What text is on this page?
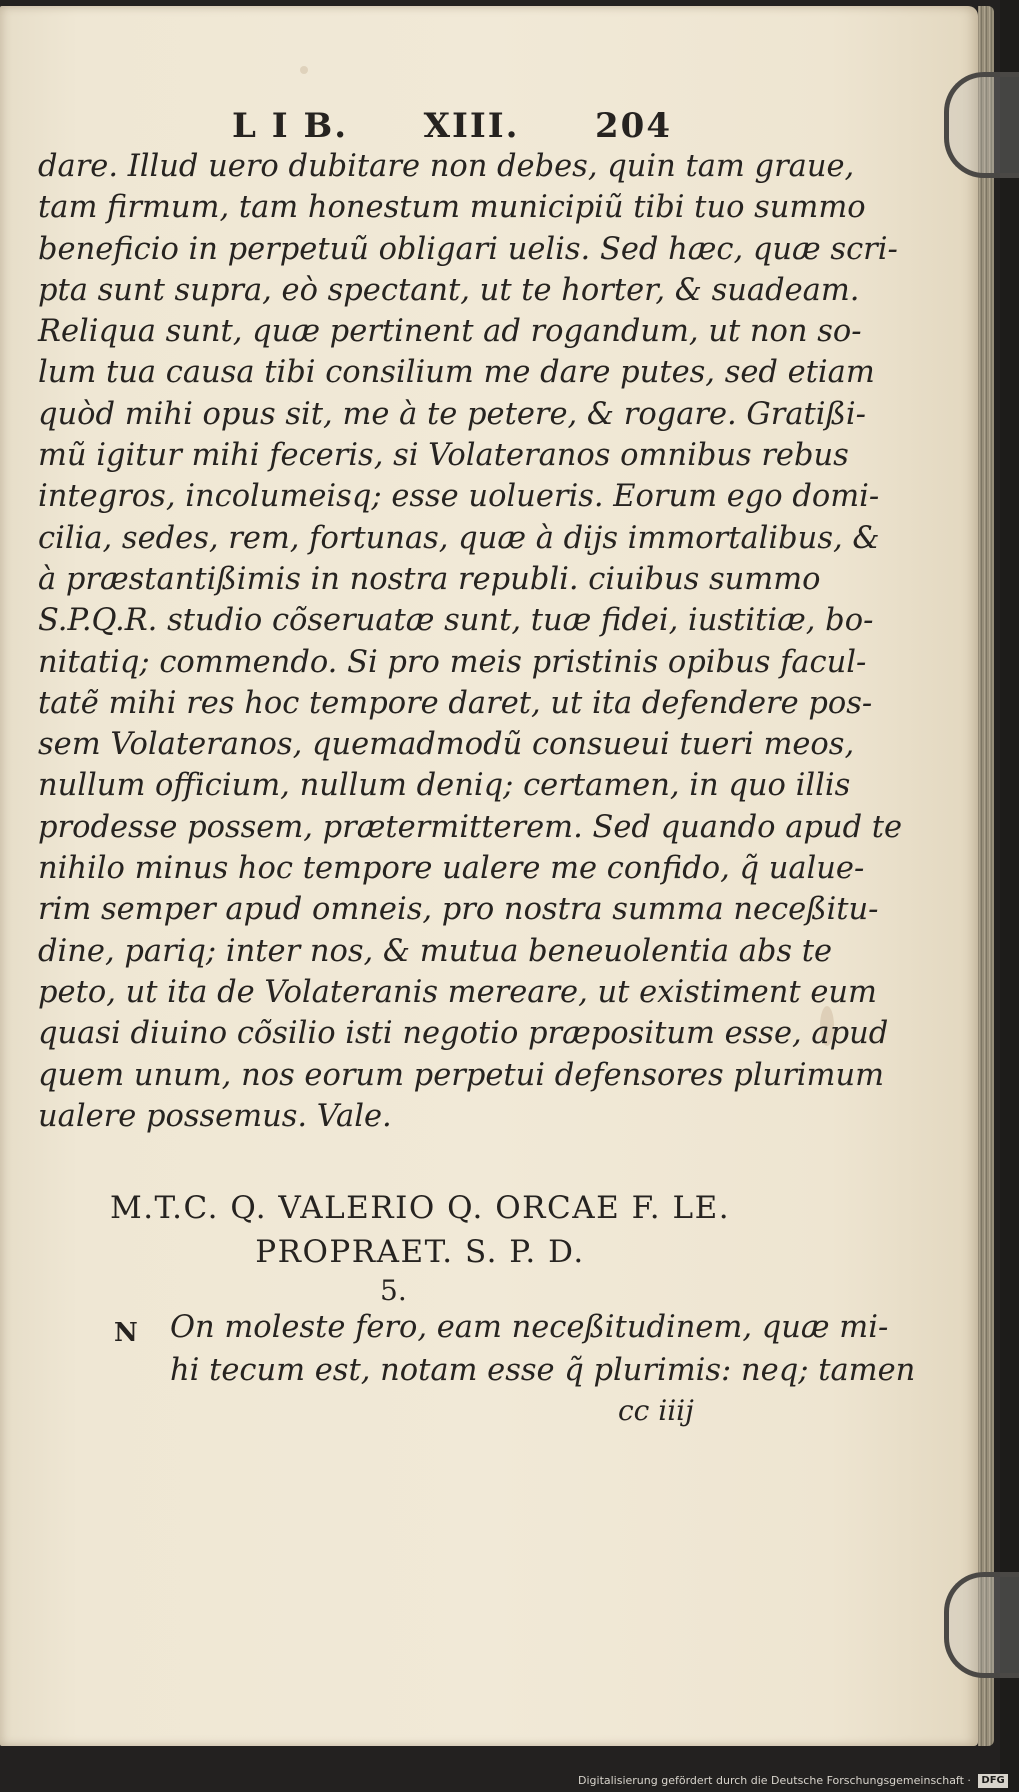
L I B. XIII. 204
dare. Illud uero dubitare non debes, quin tam graue,
tam firmum, tam honestum municipiũ tibi tuo summo
beneficio in perpetuũ obligari uelis. Sed hæc, quæ scri-
pta sunt supra, eò spectant, ut te horter, & suadeam.
Reliqua sunt, quæ pertinent ad rogandum, ut non so-
lum tua causa tibi consilium me dare putes, sed etiam
quòd mihi opus sit, me à te petere, & rogare. Gratißi-
mũ igitur mihi feceris, si Volateranos omnibus rebus
integros, incolumeisq; esse uolueris. Eorum ego domi-
cilia, sedes, rem, fortunas, quæ à dijs immortalibus, &
à præstantißimis in nostra republi. ciuibus summo
S.P.Q.R. studio cõseruatæ sunt, tuæ fidei, iustitiæ, bo-
nitatiq; commendo. Si pro meis pristinis opibus facul-
tatẽ mihi res hoc tempore daret, ut ita defendere pos-
sem Volateranos, quemadmodũ consueui tueri meos,
nullum officium, nullum deniq; certamen, in quo illis
prodesse possem, prætermitterem. Sed quando apud te
nihilo minus hoc tempore ualere me confido, q̃ ualue-
rim semper apud omneis, pro nostra summa neceßitu-
dine, pariq; inter nos, & mutua beneuolentia abs te
peto, ut ita de Volateranis mereare, ut existiment eum
quasi diuino cõsilio isti negotio præpositum esse, apud
quem unum, nos eorum perpetui defensores plurimum
ualere possemus. Vale.
M.T.C. Q. VALERIO Q. ORCAE F. LE.
PROPRAET. S. P. D.
5.
N On moleste fero, eam neceßitudinem, quæ mi-
hi tecum est, notam esse q̃ plurimis: neq; tamen
cc iiij
Digitalisierung gefördert durch die Deutsche Forschungsgemeinschaft · DFG
